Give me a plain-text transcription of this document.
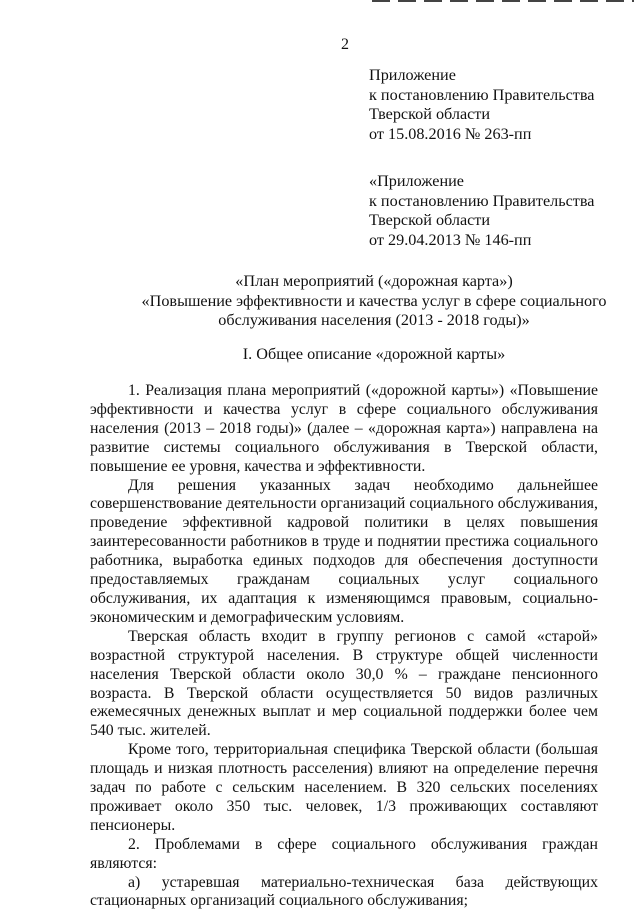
2
Приложение
к постановлению Правительства
Тверской области
от 15.08.2016 № 263-пп
«Приложение
к постановлению Правительства
Тверской области
от 29.04.2013 № 146-пп
«План мероприятий («дорожная карта»)
«Повышение эффективности и качества услуг в сфере социального
обслуживания населения (2013 - 2018 годы)»
I. Общее описание «дорожной карты»

1. Реализация плана мероприятий («дорожной карты») «Повышение эффективности и качества услуг в сфере социального обслуживания населения (2013 – 2018 годы)» (далее – «дорожная карта») направлена на развитие системы социального обслуживания в Тверской области, повышение ее уровня, качества и эффективности.

Для решения указанных задач необходимо дальнейшее совершенствование деятельности организаций социального обслуживания, проведение эффективной кадровой политики в целях повышения заинтересованности работников в труде и поднятии престижа социального работника, выработка единых подходов для обеспечения доступности предоставляемых гражданам социальных услуг социального обслуживания, их адаптация к изменяющимся правовым, социально-экономическим и демографическим условиям.

Тверская область входит в группу регионов с самой «старой» возрастной структурой населения. В структуре общей численности населения Тверской области около 30,0 % – граждане пенсионного возраста. В Тверской области осуществляется 50 видов различных ежемесячных денежных выплат и мер социальной поддержки более чем 540 тыс. жителей.

Кроме того, территориальная специфика Тверской области (большая площадь и низкая плотность расселения) влияют на определение перечня задач по работе с сельским населением. В 320 сельских поселениях проживает около 350 тыс. человек, 1/3 проживающих составляют пенсионеры.

2. Проблемами в сфере социального обслуживания граждан являются:

а) устаревшая материально-техническая база действующих стационарных организаций социального обслуживания;
